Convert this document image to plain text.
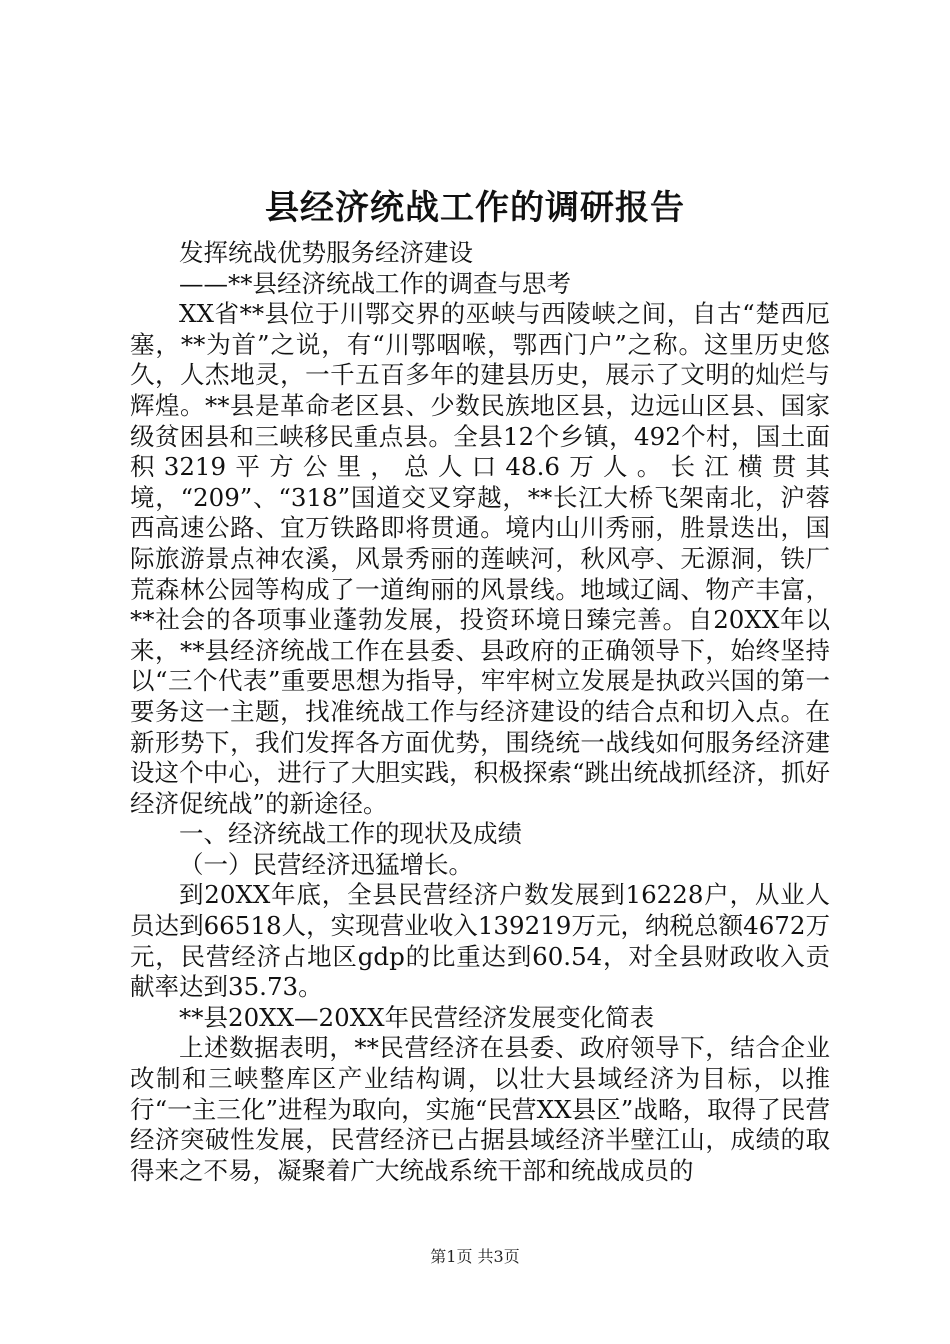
县经济统战工作的调研报告

发挥统战优势服务经济建设

——**县经济统战工作的调查与思考

XX省**县位于川鄂交界的巫峡与西陵峡之间，自古“楚西厄塞，**为首”之说，有“川鄂咽喉，鄂西门户”之称。这里历史悠久，人杰地灵，一千五百多年的建县历史，展示了文明的灿烂与辉煌。**县是革命老区县、少数民族地区县，边远山区县、国家级贫困县和三峡移民重点县。全县12个乡镇，492个村，国土面积3219平方公里，总人口48.6万人。长江横贯其境，“209”、“318”国道交叉穿越，**长江大桥飞架南北，沪蓉西高速公路、宜万铁路即将贯通。境内山川秀丽，胜景迭出，国际旅游景点神农溪，风景秀丽的莲峡河，秋风亭、无源洞，铁厂荒森林公园等构成了一道绚丽的风景线。地域辽阔、物产丰富，**社会的各项事业蓬勃发展，投资环境日臻完善。自20XX年以来，**县经济统战工作在县委、县政府的正确领导下，始终坚持以“三个代表”重要思想为指导，牢牢树立发展是执政兴国的第一要务这一主题，找准统战工作与经济建设的结合点和切入点。在新形势下，我们发挥各方面优势，围绕统一战线如何服务经济建设这个中心，进行了大胆实践，积极探索“跳出统战抓经济，抓好经济促统战”的新途径。

一、经济统战工作的现状及成绩

（一）民营经济迅猛增长。

到20XX年底，全县民营经济户数发展到16228户，从业人员达到66518人，实现营业收入139219万元，纳税总额4672万元，民营经济占地区gdp的比重达到60.54，对全县财政收入贡献率达到35.73。

**县20XX—20XX年民营经济发展变化简表

上述数据表明，**民营经济在县委、政府领导下，结合企业改制和三峡整库区产业结构调，以壮大县域经济为目标，以推行“一主三化”进程为取向，实施“民营XX县区”战略，取得了民营经济突破性发展，民营经济已占据县域经济半壁江山，成绩的取得来之不易，凝聚着广大统战系统干部和统战成员的

第1页 共3页
